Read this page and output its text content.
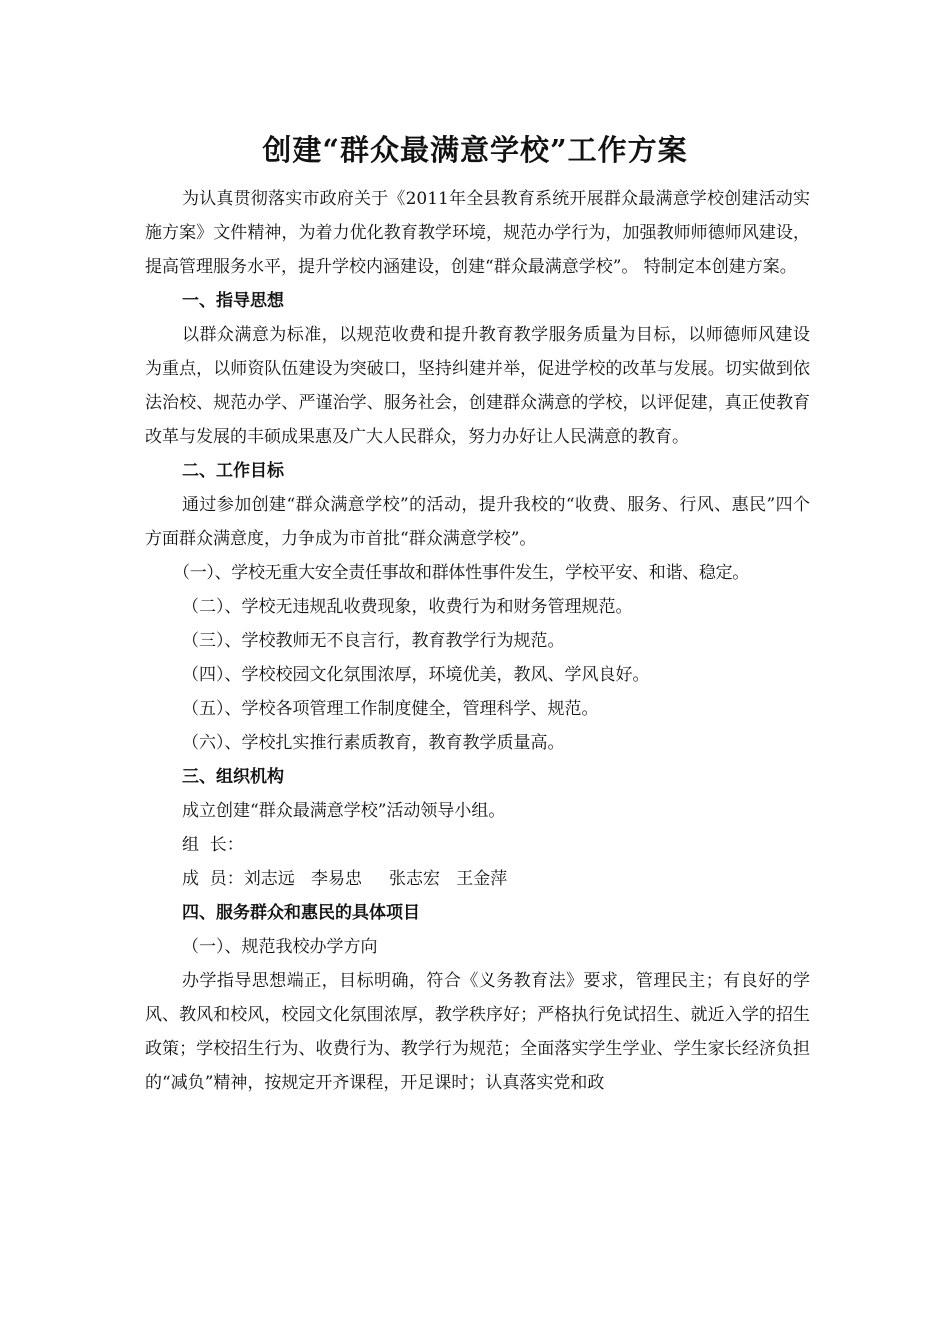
创建“群众最满意学校”工作方案

为认真贯彻落实市政府关于《2011年全县教育系统开展群众最满意学校创建活动实施方案》文件精神，为着力优化教育教学环境，规范办学行为，加强教师师德师风建设，提高管理服务水平，提升学校内涵建设，创建“群众最满意学校”。 特制定本创建方案。

一、指导思想

以群众满意为标准，以规范收费和提升教育教学服务质量为目标，以师德师风建设为重点，以师资队伍建设为突破口，坚持纠建并举，促进学校的改革与发展。切实做到依法治校、规范办学、严谨治学、服务社会，创建群众满意的学校，以评促建，真正使教育改革与发展的丰硕成果惠及广大人民群众，努力办好让人民满意的教育。

二、工作目标

通过参加创建“群众满意学校”的活动，提升我校的“收费、服务、行风、惠民”四个方面群众满意度，力争成为市首批“群众满意学校”。

（一）、学校无重大安全责任事故和群体性事件发生，学校平安、和谐、稳定。

（二）、学校无违规乱收费现象，收费行为和财务管理规范。

（三）、学校教师无不良言行，教育教学行为规范。

（四）、学校校园文化氛围浓厚，环境优美，教风、学风良好。

（五）、学校各项管理工作制度健全，管理科学、规范。

（六）、学校扎实推行素质教育，教育教学质量高。

三、组织机构

成立创建“群众最满意学校”活动领导小组。

组  长：

成  员：刘志远   李易忠     张志宏   王金萍

四、服务群众和惠民的具体项目

（一）、规范我校办学方向

办学指导思想端正，目标明确，符合《义务教育法》要求，管理民主；有良好的学风、教风和校风，校园文化氛围浓厚，教学秩序好；严格执行免试招生、就近入学的招生政策；学校招生行为、收费行为、教学行为规范；全面落实学生学业、学生家长经济负担的“减负”精神，按规定开齐课程，开足课时；认真落实党和政
